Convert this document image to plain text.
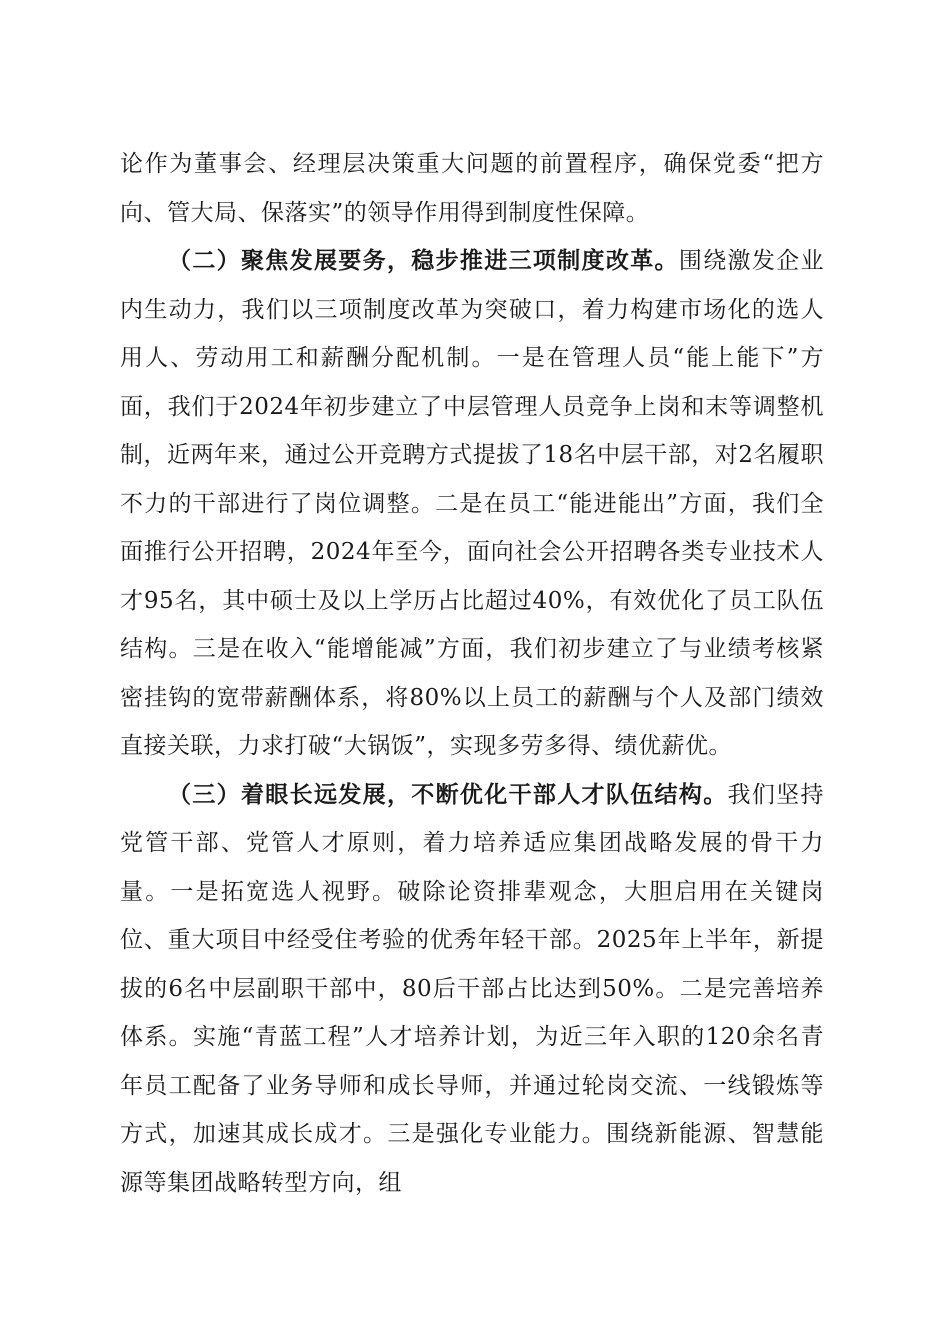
论作为董事会、经理层决策重大问题的前置程序，确保党委“把方向、管大局、保落实”的领导作用得到制度性保障。

（二）聚焦发展要务，稳步推进三项制度改革。围绕激发企业内生动力，我们以三项制度改革为突破口，着力构建市场化的选人用人、劳动用工和薪酬分配机制。一是在管理人员“能上能下”方面，我们于2024年初步建立了中层管理人员竞争上岗和末等调整机制，近两年来，通过公开竞聘方式提拔了18名中层干部，对2名履职不力的干部进行了岗位调整。二是在员工“能进能出”方面，我们全面推行公开招聘，2024年至今，面向社会公开招聘各类专业技术人才95名，其中硕士及以上学历占比超过40%，有效优化了员工队伍结构。三是在收入“能增能减”方面，我们初步建立了与业绩考核紧密挂钩的宽带薪酬体系，将80%以上员工的薪酬与个人及部门绩效直接关联，力求打破“大锅饭”，实现多劳多得、绩优薪优。

（三）着眼长远发展，不断优化干部人才队伍结构。我们坚持党管干部、党管人才原则，着力培养适应集团战略发展的骨干力量。一是拓宽选人视野。破除论资排辈观念，大胆启用在关键岗位、重大项目中经受住考验的优秀年轻干部。2025年上半年，新提拔的6名中层副职干部中，80后干部占比达到50%。二是完善培养体系。实施“青蓝工程”人才培养计划，为近三年入职的120余名青年员工配备了业务导师和成长导师，并通过轮岗交流、一线锻炼等方式，加速其成长成才。三是强化专业能力。围绕新能源、智慧能源等集团战略转型方向，组
